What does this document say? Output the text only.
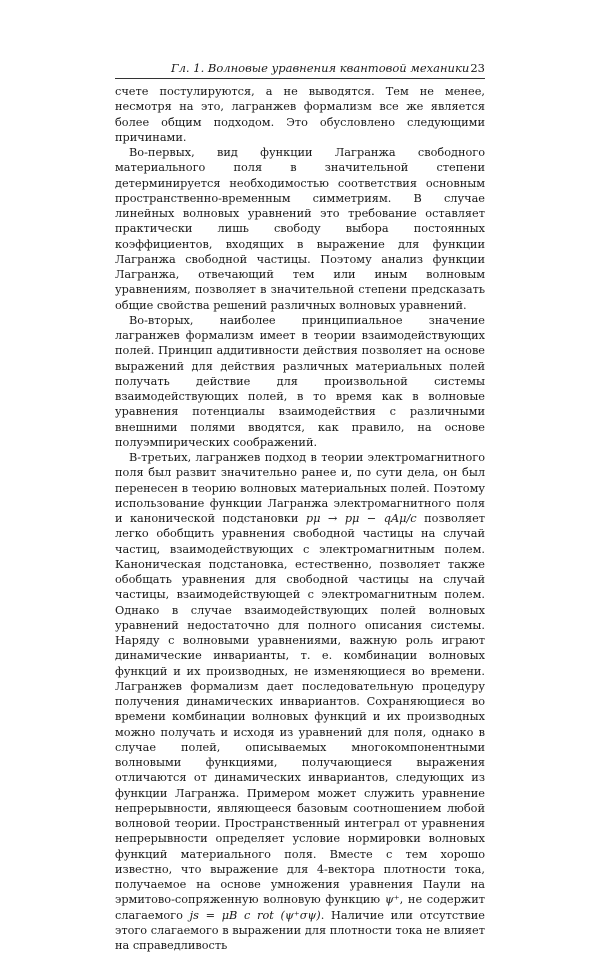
Гл. 1. Волновые уравнения квантовой механики 23

счете постулируются, а не выводятся. Тем не менее, несмотря на это, лагранжев формализм все же является более общим подходом. Это обусловлено следующими причинами.

Во-первых, вид функции Лагранжа свободного материального поля в значительной степени детерминируется необходимостью соответствия основным пространственно-временным симметриям. В случае линейных волновых уравнений это требование оставляет практически лишь свободу выбора постоянных коэффициентов, входящих в выражение для функции Лагранжа свободной частицы. Поэтому анализ функции Лагранжа, отвечающий тем или иным волновым уравнениям, позволяет в значительной степени предсказать общие свойства решений различных волновых уравнений.

Во-вторых, наиболее принципиальное значение лагранжев формализм имеет в теории взаимодействующих полей. Принцип аддитивности действия позволяет на основе выражений для действия различных материальных полей получать действие для произвольной системы взаимодействующих полей, в то время как в волновые уравнения потенциалы взаимодействия с различными внешними полями вводятся, как правило, на основе полуэмпирических соображений.

В-третьих, лагранжев подход в теории электромагнитного поля был развит значительно ранее и, по сути дела, он был перенесен в теорию волновых материальных полей. Поэтому использование функции Лагранжа электромагнитного поля и канонической подстановки pμ → pμ − qAμ/c позволяет легко обобщить уравнения свободной частицы на случай частиц, взаимодействующих с электромагнитным полем. Каноническая подстановка, естественно, позволяет также обобщать уравнения для свободной частицы на случай частицы, взаимодействующей с электромагнитным полем. Однако в случае взаимодействующих полей волновых уравнений недостаточно для полного описания системы. Наряду с волновыми уравнениями, важную роль играют динамические инварианты, т. е. комбинации волновых функций и их производных, не изменяющиеся во времени. Лагранжев формализм дает последовательную процедуру получения динамических инвариантов. Сохраняющиеся во времени комбинации волновых функций и их производных можно получать и исходя из уравнений для поля, однако в случае полей, описываемых многокомпонентными волновыми функциями, получающиеся выражения отличаются от динамических инвариантов, следующих из функции Лагранжа. Примером может служить уравнение непрерывности, являющееся базовым соотношением любой волновой теории. Пространственный интеграл от уравнения непрерывности определяет условие нормировки волновых функций материального поля. Вместе с тем хорошо известно, что выражение для 4-вектора плотности тока, получаемое на основе умножения уравнения Паули на эрмитово-сопряженную волновую функцию ψ⁺, не содержит слагаемого js = μB c rot (ψ⁺σψ). Наличие или отсутствие этого слагаемого в выражении для плотности тока не влияет на справедливость
